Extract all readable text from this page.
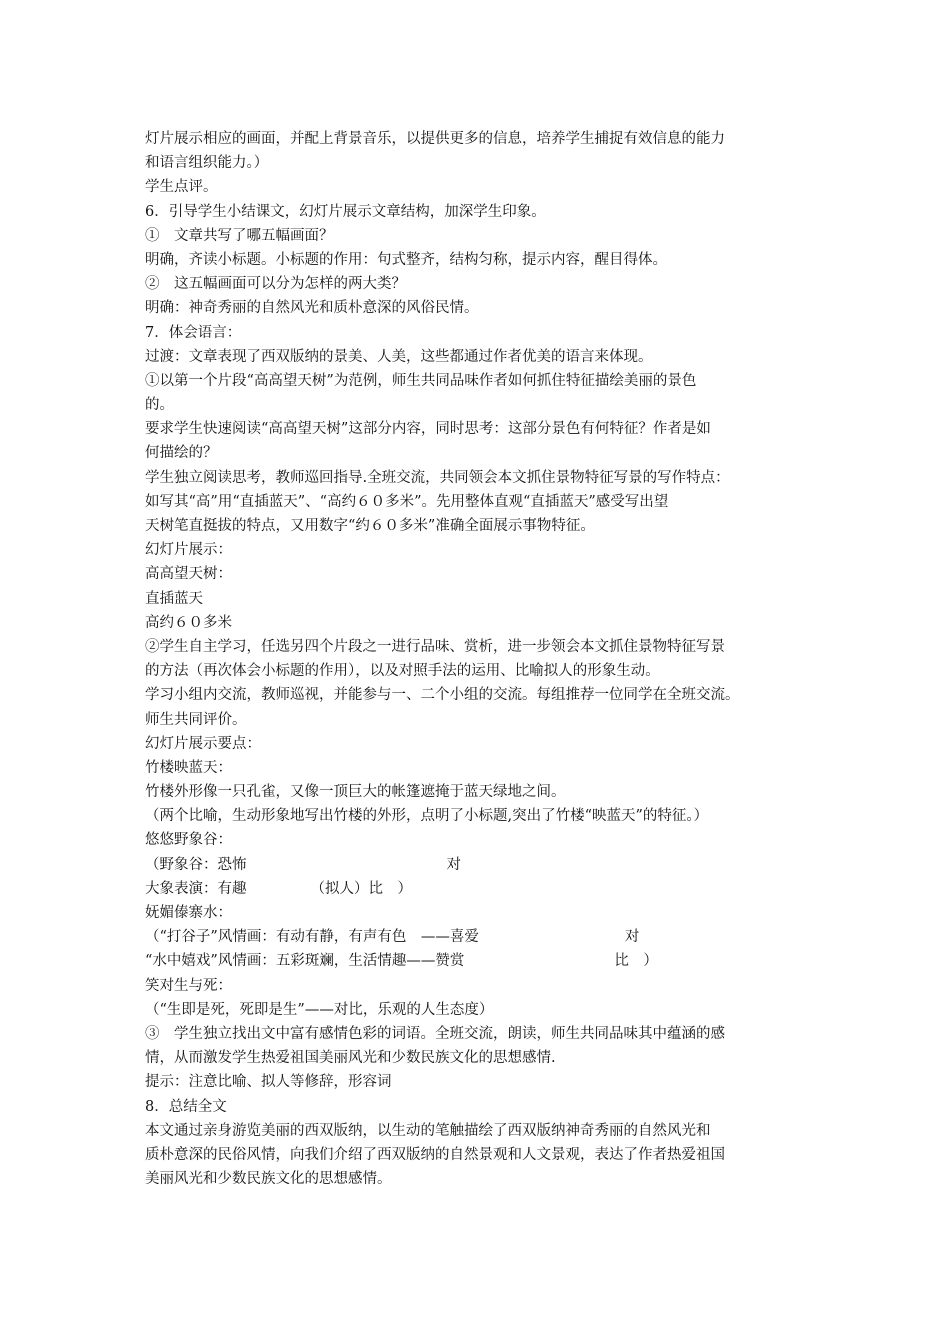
灯片展示相应的画面，并配上背景音乐，以提供更多的信息，培养学生捕捉有效信息的能力
和语言组织能力。）
学生点评。
6．引导学生小结课文，幻灯片展示文章结构，加深学生印象。
①　文章共写了哪五幅画面？
明确，齐读小标题。小标题的作用：句式整齐，结构匀称，提示内容，醒目得体。
②　这五幅画面可以分为怎样的两大类？
明确：神奇秀丽的自然风光和质朴意深的风俗民情。
7．体会语言：
过渡：文章表现了西双版纳的景美、人美，这些都通过作者优美的语言来体现。
①以第一个片段“高高望天树”为范例，师生共同品味作者如何抓住特征描绘美丽的景色
的。
要求学生快速阅读“高高望天树”这部分内容，同时思考：这部分景色有何特征？作者是如
何描绘的？
学生独立阅读思考，教师巡回指导.全班交流，共同领会本文抓住景物特征写景的写作特点：
如写其“高”用“直插蓝天”、“高约６０多米”。先用整体直观“直插蓝天”感受写出望
天树笔直挺拔的特点，又用数字“约６０多米”准确全面展示事物特征。
幻灯片展示：
高高望天树：
直插蓝天
高约６０多米
②学生自主学习，任选另四个片段之一进行品味、赏析，进一步领会本文抓住景物特征写景
的方法（再次体会小标题的作用），以及对照手法的运用、比喻拟人的形象生动。
学习小组内交流，教师巡视，并能参与一、二个小组的交流。每组推荐一位同学在全班交流。
师生共同评价。
幻灯片展示要点：
竹楼映蓝天：
竹楼外形像一只孔雀，又像一顶巨大的帐篷遮掩于蓝天绿地之间。
（两个比喻，生动形象地写出竹楼的外形，点明了小标题,突出了竹楼“映蓝天”的特征。）
悠悠野象谷：
（野象谷：恐怖	对
大象表演：有趣	（拟人）比　）
妩媚傣寨水：
（“打谷子”风情画：有动有静，有声有色　——喜爱	对
“水中嬉戏”风情画：五彩斑斓，生活情趣——赞赏	比　）
笑对生与死：
（“生即是死，死即是生”——对比，乐观的人生态度）
③　学生独立找出文中富有感情色彩的词语。全班交流，朗读，师生共同品味其中蕴涵的感
情，从而激发学生热爱祖国美丽风光和少数民族文化的思想感情.
提示：注意比喻、拟人等修辞，形容词
8．总结全文
本文通过亲身游览美丽的西双版纳，以生动的笔触描绘了西双版纳神奇秀丽的自然风光和
质朴意深的民俗风情，向我们介绍了西双版纳的自然景观和人文景观，表达了作者热爱祖国
美丽风光和少数民族文化的思想感情。
